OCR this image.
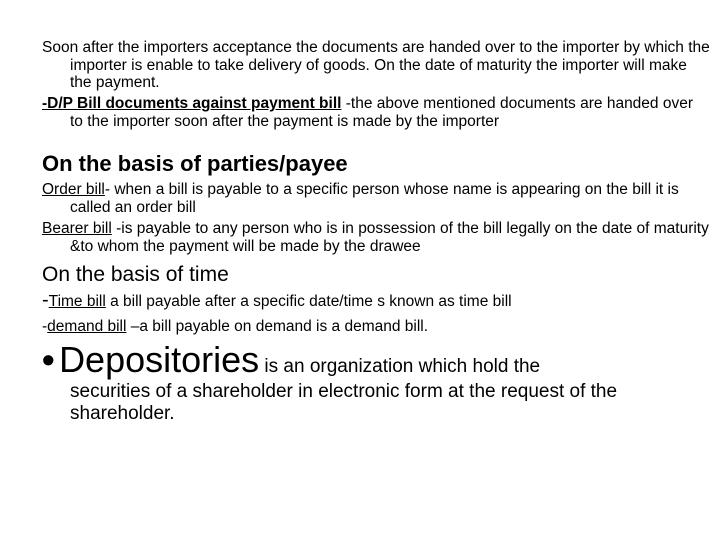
Soon after the importers acceptance the documents are handed over to the importer by which the importer is enable to take delivery of goods. On the date of maturity the importer will make the payment.
-D/P Bill documents against payment bill -the above mentioned documents are handed over to the importer soon after the payment is made by the importer
On the basis of parties/payee
Order bill- when a bill is payable to a specific person whose name is appearing on the bill it is called an order bill
Bearer bill -is payable to any person who is in possession of the bill legally on the date of maturity &to whom the payment will be made by the drawee
On the basis of time
-Time bill a bill payable after a specific date/time s known as time bill
-demand bill –a bill payable on demand is a demand bill.
• Depositories is an organization which hold the
securities of a shareholder in electronic form at the request of the shareholder.
